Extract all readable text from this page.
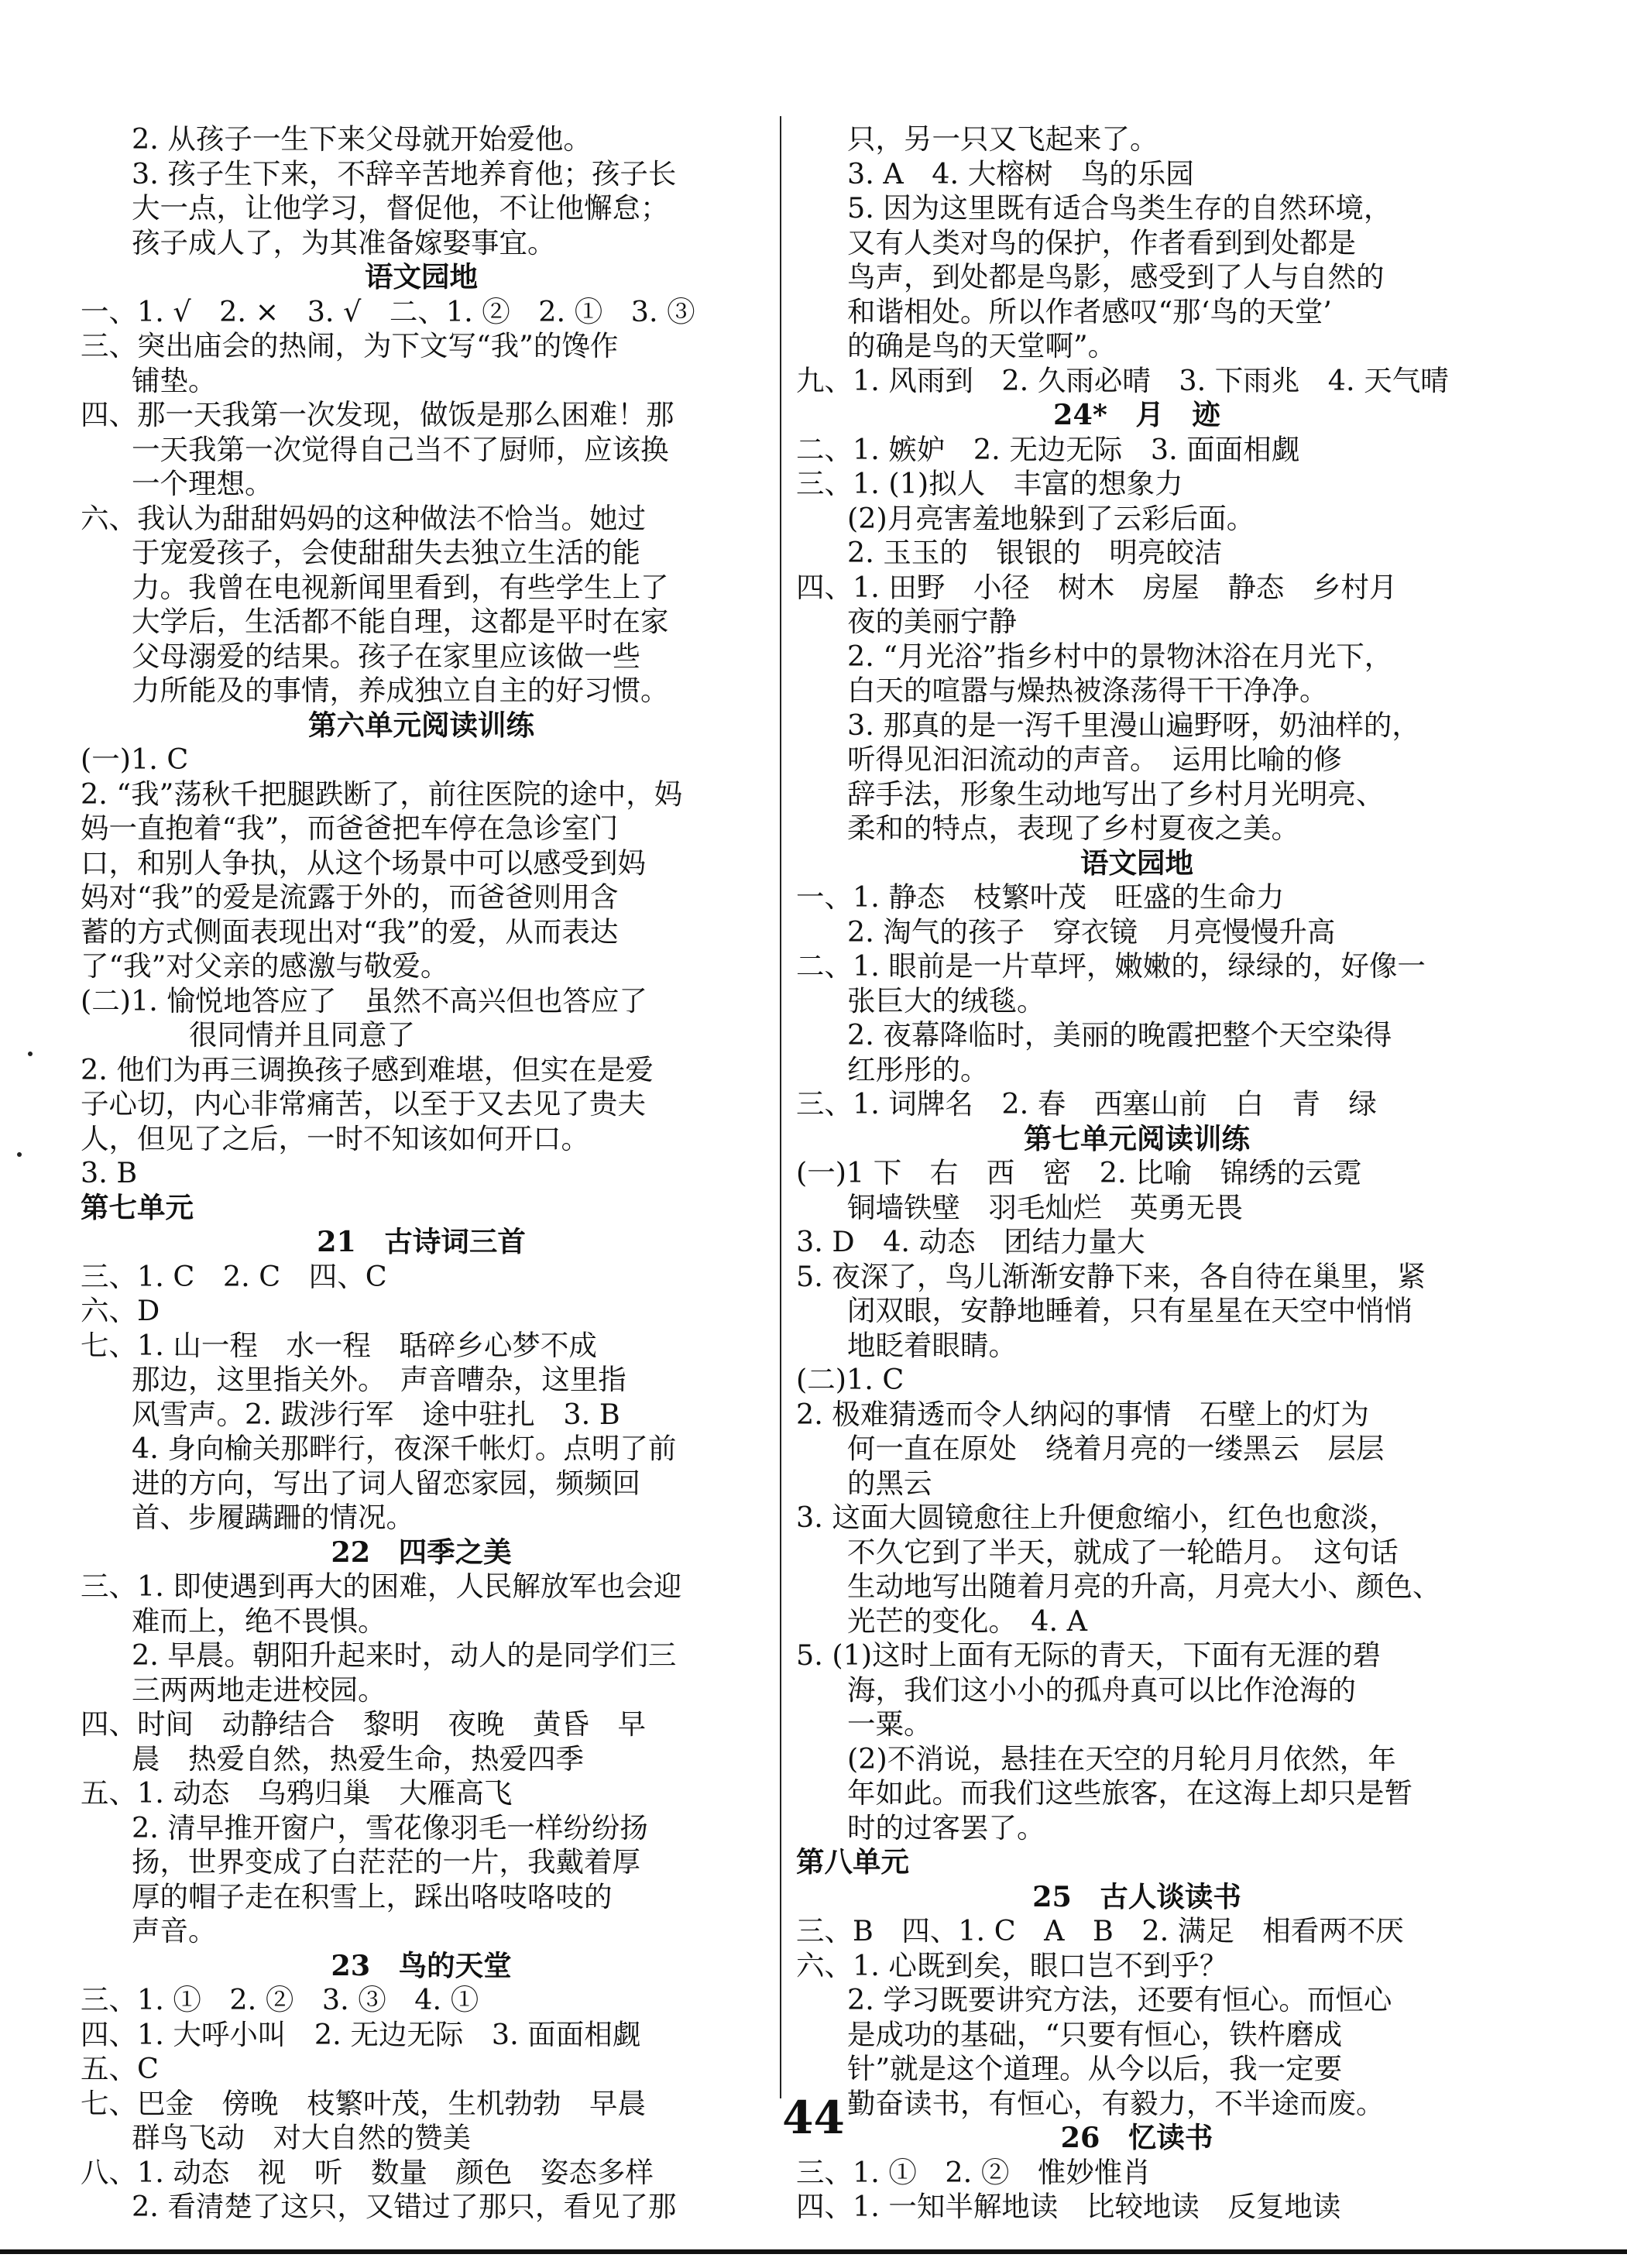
2. 从孩子一生下来父母就开始爱他。
3. 孩子生下来，不辞辛苦地养育他；孩子长
大一点，让他学习，督促他，不让他懈怠；
孩子成人了，为其准备嫁娶事宜。
语文园地
一、1. √　2. ×　3. √　二、1. ②　2. ①　3. ③
三、突出庙会的热闹，为下文写“我”的馋作
铺垫。
四、那一天我第一次发现，做饭是那么困难！那
一天我第一次觉得自己当不了厨师，应该换
一个理想。
六、我认为甜甜妈妈的这种做法不恰当。她过
于宠爱孩子，会使甜甜失去独立生活的能
力。我曾在电视新闻里看到，有些学生上了
大学后，生活都不能自理，这都是平时在家
父母溺爱的结果。孩子在家里应该做一些
力所能及的事情，养成独立自主的好习惯。
第六单元阅读训练
(一)1. C
2. “我”荡秋千把腿跌断了，前往医院的途中，妈
妈一直抱着“我”，而爸爸把车停在急诊室门
口，和别人争执，从这个场景中可以感受到妈
妈对“我”的爱是流露于外的，而爸爸则用含
蓄的方式侧面表现出对“我”的爱，从而表达
了“我”对父亲的感激与敬爱。
(二)1. 愉悦地答应了　虽然不高兴但也答应了
很同情并且同意了
2. 他们为再三调换孩子感到难堪，但实在是爱
子心切，内心非常痛苦，以至于又去见了贵夫
人，但见了之后，一时不知该如何开口。
3. B
第七单元
21　古诗词三首
三、1. C　2. C　四、C
六、D
七、1. 山一程　水一程　聒碎乡心梦不成
那边，这里指关外。　声音嘈杂，这里指
风雪声。2. 跋涉行军　途中驻扎　3. B
4. 身向榆关那畔行，夜深千帐灯。点明了前
进的方向，写出了词人留恋家园，频频回
首、步履蹒跚的情况。
22　四季之美
三、1. 即使遇到再大的困难，人民解放军也会迎
难而上，绝不畏惧。
2. 早晨。朝阳升起来时，动人的是同学们三
三两两地走进校园。
四、时间　动静结合　黎明　夜晚　黄昏　早
晨　热爱自然，热爱生命，热爱四季
五、1. 动态　乌鸦归巢　大雁高飞
2. 清早推开窗户，雪花像羽毛一样纷纷扬
扬，世界变成了白茫茫的一片，我戴着厚
厚的帽子走在积雪上，踩出咯吱咯吱的
声音。
23　鸟的天堂
三、1. ①　2. ②　3. ③　4. ①
四、1. 大呼小叫　2. 无边无际　3. 面面相觑
五、C
七、巴金　傍晚　枝繁叶茂，生机勃勃　早晨
群鸟飞动　对大自然的赞美
八、1. 动态　视　听　数量　颜色　姿态多样
2. 看清楚了这只，又错过了那只，看见了那
只，另一只又飞起来了。
3. A　4. 大榕树　鸟的乐园
5. 因为这里既有适合鸟类生存的自然环境，
又有人类对鸟的保护，作者看到到处都是
鸟声，到处都是鸟影，感受到了人与自然的
和谐相处。所以作者感叹“那‘鸟的天堂’
的确是鸟的天堂啊”。
九、1. 风雨到　2. 久雨必晴　3. 下雨兆　4. 天气晴
24*　月　迹
二、1. 嫉妒　2. 无边无际　3. 面面相觑
三、1. (1)拟人　丰富的想象力
(2)月亮害羞地躲到了云彩后面。
2. 玉玉的　银银的　明亮皎洁
四、1. 田野　小径　树木　房屋　静态　乡村月
夜的美丽宁静
2. “月光浴”指乡村中的景物沐浴在月光下，
白天的喧嚣与燥热被涤荡得干干净净。
3. 那真的是一泻千里漫山遍野呀，奶油样的，
听得见汩汩流动的声音。　运用比喻的修
辞手法，形象生动地写出了乡村月光明亮、
柔和的特点，表现了乡村夏夜之美。
语文园地
一、1. 静态　枝繁叶茂　旺盛的生命力
2. 淘气的孩子　穿衣镜　月亮慢慢升高
二、1. 眼前是一片草坪，嫩嫩的，绿绿的，好像一
张巨大的绒毯。
2. 夜幕降临时，美丽的晚霞把整个天空染得
红彤彤的。
三、1. 词牌名　2. 春　西塞山前　白　青　绿
第七单元阅读训练
(一)1 下　右　西　密　2. 比喻　锦绣的云霓
铜墙铁壁　羽毛灿烂　英勇无畏
3. D　4. 动态　团结力量大
5. 夜深了，鸟儿渐渐安静下来，各自待在巢里，紧
闭双眼，安静地睡着，只有星星在天空中悄悄
地眨着眼睛。
(二)1. C
2. 极难猜透而令人纳闷的事情　石壁上的灯为
何一直在原处　绕着月亮的一缕黑云　层层
的黑云
3. 这面大圆镜愈往上升便愈缩小，红色也愈淡，
不久它到了半天，就成了一轮皓月。　这句话
生动地写出随着月亮的升高，月亮大小、颜色、
光芒的变化。　4. A
5. (1)这时上面有无际的青天，下面有无涯的碧
海，我们这小小的孤舟真可以比作沧海的
一粟。
(2)不消说，悬挂在天空的月轮月月依然，年
年如此。而我们这些旅客，在这海上却只是暂
时的过客罢了。
第八单元
25　古人谈读书
三、B　四、1. C　A　B　2. 满足　相看两不厌
六、1. 心既到矣，眼口岂不到乎？
2. 学习既要讲究方法，还要有恒心。而恒心
是成功的基础，“只要有恒心，铁杵磨成
针”就是这个道理。从今以后，我一定要
勤奋读书，有恒心，有毅力，不半途而废。
26　忆读书
三、1. ①　2. ②　惟妙惟肖
四、1. 一知半解地读　比较地读　反复地读
44
